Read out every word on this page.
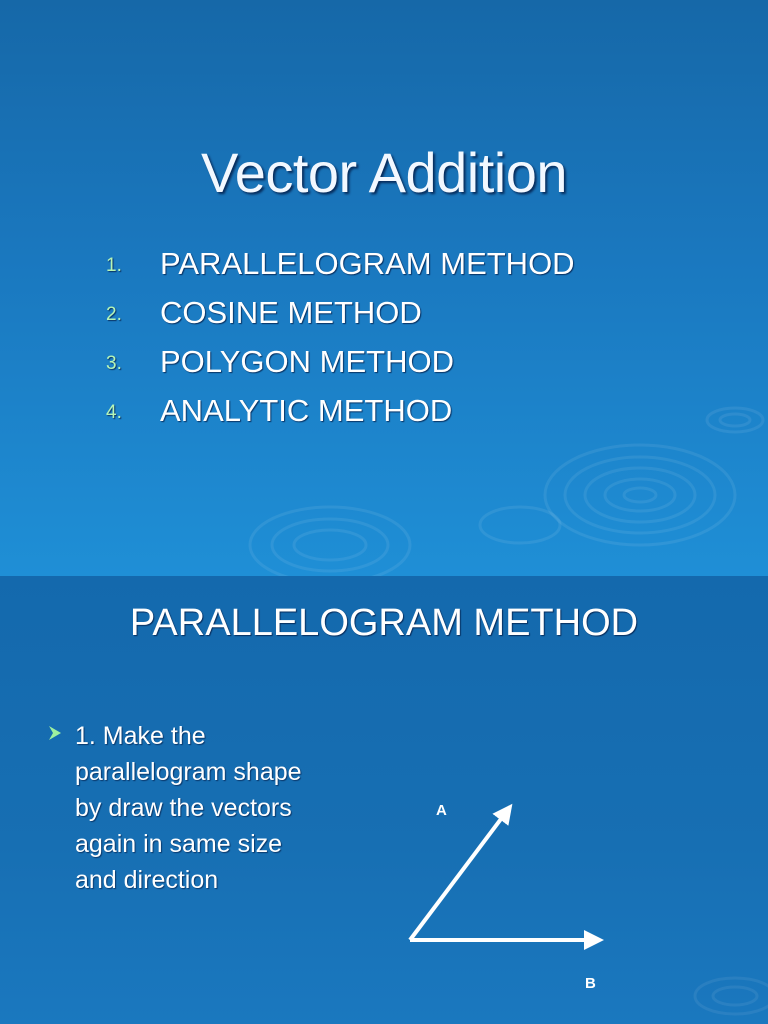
Vector Addition
1. PARALLELOGRAM METHOD
2. COSINE METHOD
3. POLYGON METHOD
4. ANALYTIC METHOD
PARALLELOGRAM METHOD
1. Make the
parallelogram shape
by draw the vectors
again in same size
and direction
A
B
